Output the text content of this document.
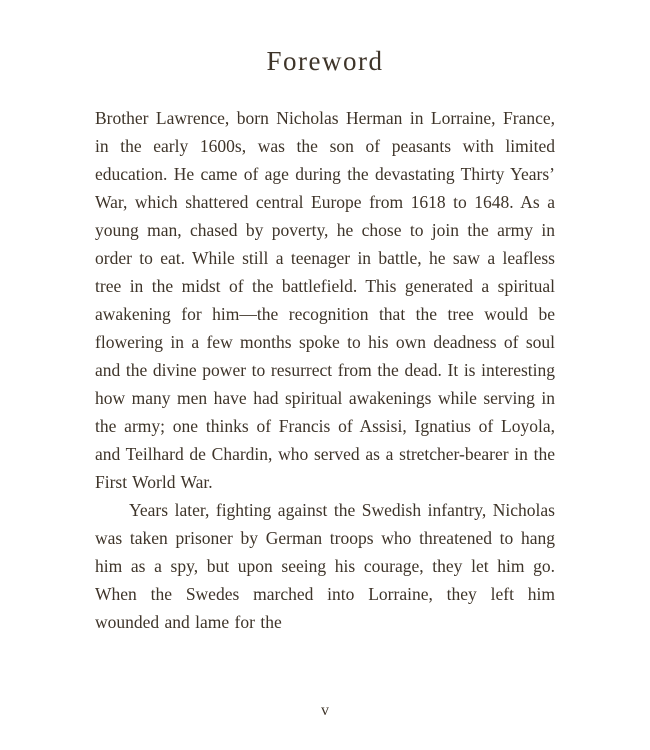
Foreword

Brother Lawrence, born Nicholas Herman in Lorraine, France, in the early 1600s, was the son of peasants with limited education. He came of age during the devastating Thirty Years’ War, which shattered central Europe from 1618 to 1648. As a young man, chased by poverty, he chose to join the army in order to eat. While still a teenager in battle, he saw a leafless tree in the midst of the battlefield. This generated a spiritual awakening for him—the recognition that the tree would be flowering in a few months spoke to his own deadness of soul and the divine power to resurrect from the dead. It is interesting how many men have had spiritual awakenings while serving in the army; one thinks of Francis of Assisi, Ignatius of Loyola, and Teilhard de Chardin, who served as a stretcher-bearer in the First World War.

Years later, fighting against the Swedish infantry, Nicholas was taken prisoner by German troops who threatened to hang him as a spy, but upon seeing his courage, they let him go. When the Swedes marched into Lorraine, they left him wounded and lame for the

v
